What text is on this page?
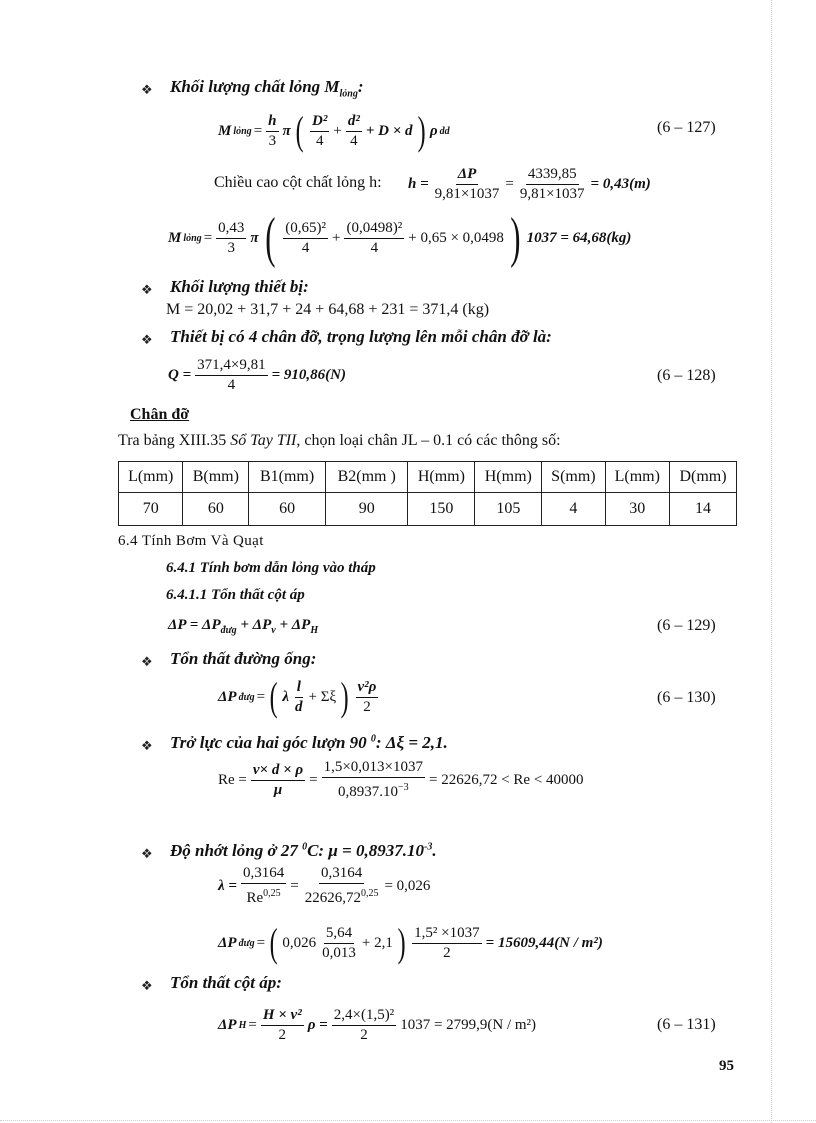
❖ Khối lượng chất lỏng $M_{lỏng}$:
M lỏng = $\frac{h}{3}$ π ( $\frac{\text{D²}}{4} + \frac{\text{d²}}{4} + D \times d$ ) ρ dd	(6 – 127)
Chiều cao cột chất lỏng h: $h = \frac{\Delta P}{9,81\times 1037} = \frac{4339,85}{9,81\times 1037} = 0,43(m)$
M lỏng = $\frac{0,43}{3}$ π ( $\frac{\text{(0,65)²}}{4} + \frac{\text{(0,0498)²}}{4} + 0,65 \times 0,0498$ ) 1037 = 64,68(kg)
❖ Khối lượng thiết bị:
M = 20,02 + 31,7 + 24 + 64,68 + 231 = 371,4 (kg)
❖ Thiết bị có 4 chân đỡ, trọng lượng lên mỗi chân đỡ là:
$Q = \frac{371,4\times 9,81}{4} = 910,86(N)$	(6 – 128)
Chân đỡ
Tra bảng XIII.35 Sổ Tay TII, chọn loại chân JL – 0.1 có các thông số:
L(mm)	B(mm)	B1(mm)	B2(mm )	H(mm)	H(mm)	S(mm)	L(mm)	D(mm)
70	60	60	90	150	105	4	30	14
6.4 Tính Bơm Và Quạt
6.4.1 Tính bơm dẫn lỏng vào tháp
6.4.1.1 Tổn thất cột áp
$\Delta P = \Delta P_{đưg} + \Delta P_v + \Delta P_H$	(6 – 129)
❖ Tổn thất đường ống:
ΔP đưg = ( λ $\frac{l}{d} + \Sigma\xi$ ) $\frac{\text{v²ρ}}{2}$	(6 – 130)
❖ Trở lực của hai góc lượn 90 $^0$: Δξ = 2,1.
$Re = \frac{v\times d \times \rho}{\mu} = \frac{1,5\times 0,013\times 1037}{0,8937.10^{-3}} = 22626,72 < Re < 40000$
❖ Độ nhớt lỏng ở 27 $^0$C: $\mu = 0,8937.10^{-3}$.
$\lambda = \frac{0,3164}{Re^{0,25}} = \frac{0,3164}{22626,72^{0,25}} = 0,026$
ΔP đưg = ( $0,026 \frac{5,64}{0,013} + 2,1$ ) $\frac{\text{1,5² ×1037}}{2} = 15609,44(N / m^2)$
❖ Tổn thất cột áp:
ΔP $H = \frac{\text{H × v²}}{2}$ $\rho = \frac{\text{2,4×(1,5)²}}{2} 1037 = 2799,9(N / m^2)$	(6 – 131)
95
